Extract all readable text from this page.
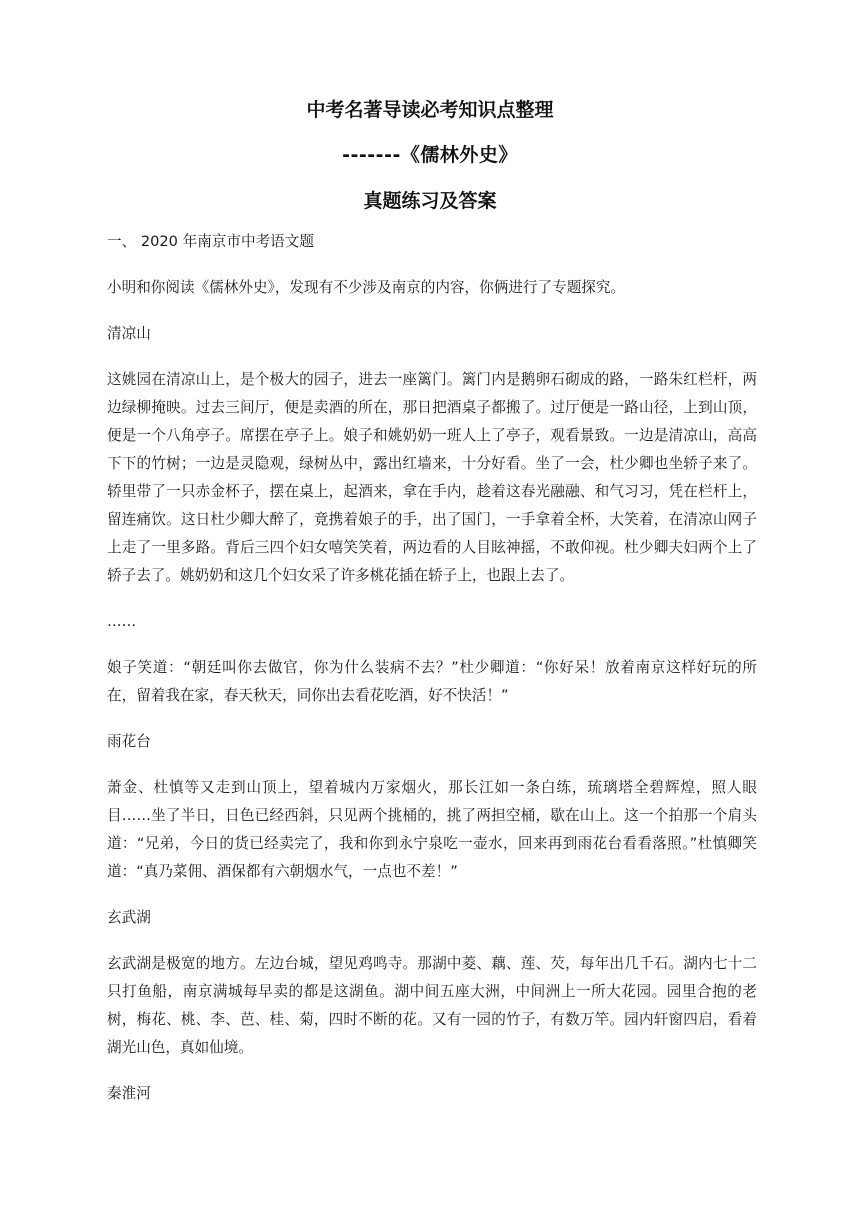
中考名著导读必考知识点整理
-------《儒林外史》
真题练习及答案

一、 2020 年南京市中考语文题

小明和你阅读《儒林外史》，发现有不少涉及南京的内容，你俩进行了专题探究。

清凉山

这姚园在清凉山上，是个极大的园子，进去一座篱门。篱门内是鹅卵石砌成的路，一路朱红栏杆，两边绿柳掩映。过去三间厅，便是卖酒的所在，那日把酒桌子都搬了。过厅便是一路山径，上到山顶，便是一个八角亭子。席摆在亭子上。娘子和姚奶奶一班人上了亭子，观看景致。一边是清凉山，高高下下的竹树；一边是灵隐观，绿树丛中，露出红墙来，十分好看。坐了一会，杜少卿也坐轿子来了。轿里带了一只赤金杯子，摆在桌上，起酒来，拿在手内，趁着这春光融融、和气习习，凭在栏杆上，留连痛饮。这日杜少卿大醉了，竟携着娘子的手，出了国门，一手拿着全杯，大笑着，在清凉山网子上走了一里多路。背后三四个妇女嘻笑笑着，两边看的人目眩神摇，不敢仰视。杜少卿夫妇两个上了轿子去了。姚奶奶和这几个妇女采了许多桃花插在轿子上，也跟上去了。

……

娘子笑道：“朝廷叫你去做官，你为什么装病不去？”杜少卿道：“你好呆！放着南京这样好玩的所在，留着我在家，春天秋天，同你出去看花吃酒，好不快活！”

雨花台

萧金、杜慎等又走到山顶上，望着城内万家烟火，那长江如一条白练，琉璃塔全碧辉煌，照人眼目……坐了半日，日色已经西斜，只见两个挑桶的，挑了两担空桶，歇在山上。这一个拍那一个肩头道：“兄弟，今日的货已经卖完了，我和你到永宁泉吃一壶水，回来再到雨花台看看落照。”杜慎卿笑道：“真乃菜佣、酒保都有六朝烟水气，一点也不差！”

玄武湖

玄武湖是极宽的地方。左边台城，望见鸡鸣寺。那湖中菱、藕、莲、芡，每年出几千石。湖内七十二只打鱼船，南京满城每早卖的都是这湖鱼。湖中间五座大洲，中间洲上一所大花园。园里合抱的老树，梅花、桃、李、芭、桂、菊，四时不断的花。又有一园的竹子，有数万竿。园内轩窗四启，看着湖光山色，真如仙境。

秦淮河
